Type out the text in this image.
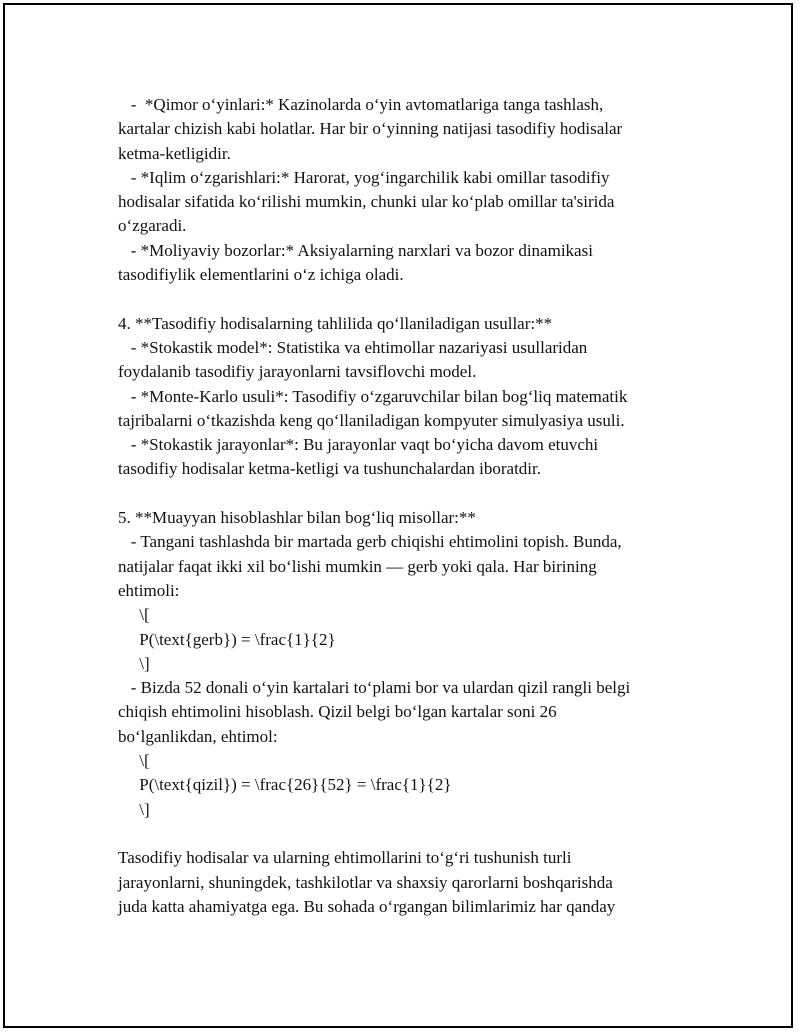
-  *Qimor o‘yinlari:* Kazinolarda o‘yin avtomatlariga tanga tashlash,
kartalar chizish kabi holatlar. Har bir o‘yinning natijasi tasodifiy hodisalar
ketma-ketligidir.
- *Iqlim o‘zgarishlari:* Harorat, yog‘ingarchilik kabi omillar tasodifiy
hodisalar sifatida ko‘rilishi mumkin, chunki ular ko‘plab omillar ta'sirida
o‘zgaradi.
- *Moliyaviy bozorlar:* Aksiyalarning narxlari va bozor dinamikasi
tasodifiylik elementlarini o‘z ichiga oladi.
4. **Tasodifiy hodisalarning tahlilida qo‘llaniladigan usullar:**
- *Stokastik model*: Statistika va ehtimollar nazariyasi usullaridan
foydalanib tasodifiy jarayonlarni tavsiflovchi model.
- *Monte-Karlo usuli*: Tasodifiy o‘zgaruvchilar bilan bog‘liq matematik
tajribalarni o‘tkazishda keng qo‘llaniladigan kompyuter simulyasiya usuli.
- *Stokastik jarayonlar*: Bu jarayonlar vaqt bo‘yicha davom etuvchi
tasodifiy hodisalar ketma-ketligi va tushunchalardan iboratdir.
5. **Muayyan hisoblashlar bilan bog‘liq misollar:**
- Tangani tashlashda bir martada gerb chiqishi ehtimolini topish. Bunda,
natijalar faqat ikki xil bo‘lishi mumkin — gerb yoki qala. Har birining
ehtimoli:
\[
P(\text{gerb}) = \frac{1}{2}
\]
- Bizda 52 donali o‘yin kartalari to‘plami bor va ulardan qizil rangli belgi
chiqish ehtimolini hisoblash. Qizil belgi bo‘lgan kartalar soni 26
bo‘lganlikdan, ehtimol:
\[
P(\text{qizil}) = \frac{26}{52} = \frac{1}{2}
\]
Tasodifiy hodisalar va ularning ehtimollarini to‘g‘ri tushunish turli
jarayonlarni, shuningdek, tashkilotlar va shaxsiy qarorlarni boshqarishda
juda katta ahamiyatga ega. Bu sohada o‘rgangan bilimlarimiz har qanday
